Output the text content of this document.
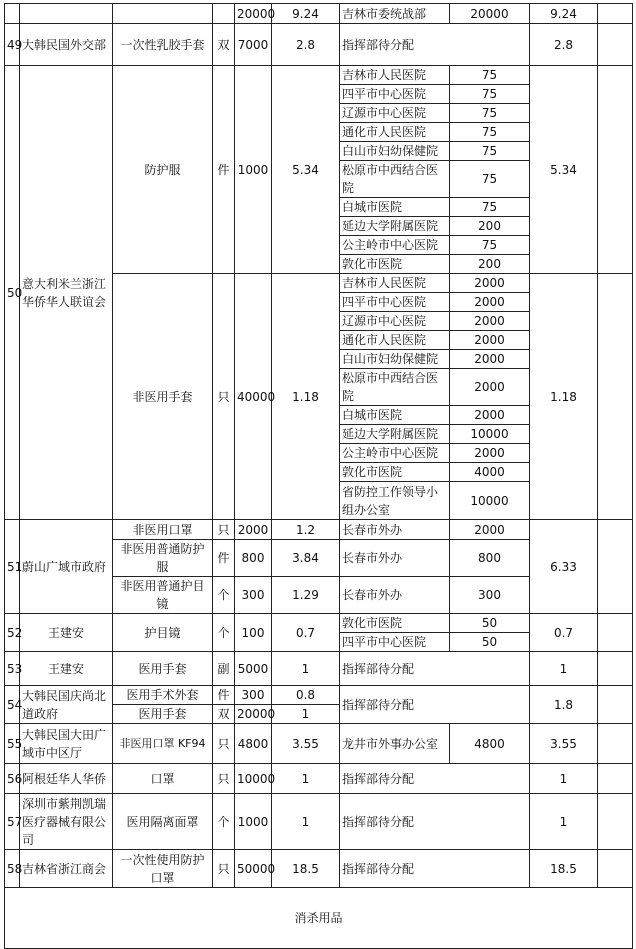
				20000	9.24	吉林市委统战部	20000	9.24	
49	大韩民国外交部	一次性乳胶手套	双	7000	2.8	指挥部待分配		2.8	
50	意大利米兰浙江华侨华人联谊会	防护服	件	1000	5.34	吉林市人民医院	75	5.34	
						四平市中心医院	75		
						辽源市中心医院	75		
						通化市人民医院	75		
						白山市妇幼保健院	75		
						松原市中西结合医院	75		
						白城市医院	75		
						延边大学附属医院	200		
						公主岭市中心医院	75		
						敦化市医院	200		
		非医用手套	只	40000	1.18	吉林市人民医院	2000	1.18	
						四平市中心医院	2000		
						辽源市中心医院	2000		
						通化市人民医院	2000		
						白山市妇幼保健院	2000		
						松原市中西结合医院	2000		
						白城市医院	2000		
						延边大学附属医院	10000		
						公主岭市中心医院	2000		
						敦化市医院	4000		
						省防控工作领导小组办公室	10000		
51	蔚山广域市政府	非医用口罩	只	2000	1.2	长春市外办	2000	6.33	
		非医用普通防护服	件	800	3.84	长春市外办	800		
		非医用普通护目镜	个	300	1.29	长春市外办	300		
52	王建安	护目镜	个	100	0.7	敦化市医院	50	0.7	
						四平市中心医院	50		
53	王建安	医用手套	副	5000	1	指挥部待分配		1	
54	大韩民国庆尚北道政府	医用手术外套	件	300	0.8	指挥部待分配		1.8	
		医用手套	双	20000	1				
55	大韩民国大田广域市中区厅	非医用口罩 KF94	只	4800	3.55	龙井市外事办公室	4800	3.55	
56	阿根廷华人华侨	口罩	只	10000	1	指挥部待分配		1	
57	深圳市紫荆凯瑞医疗器械有限公司	医用隔离面罩	个	1000	1	指挥部待分配		1	
58	吉林省浙江商会	一次性使用防护口罩	只	50000	18.5	指挥部待分配		18.5	
消杀用品									
